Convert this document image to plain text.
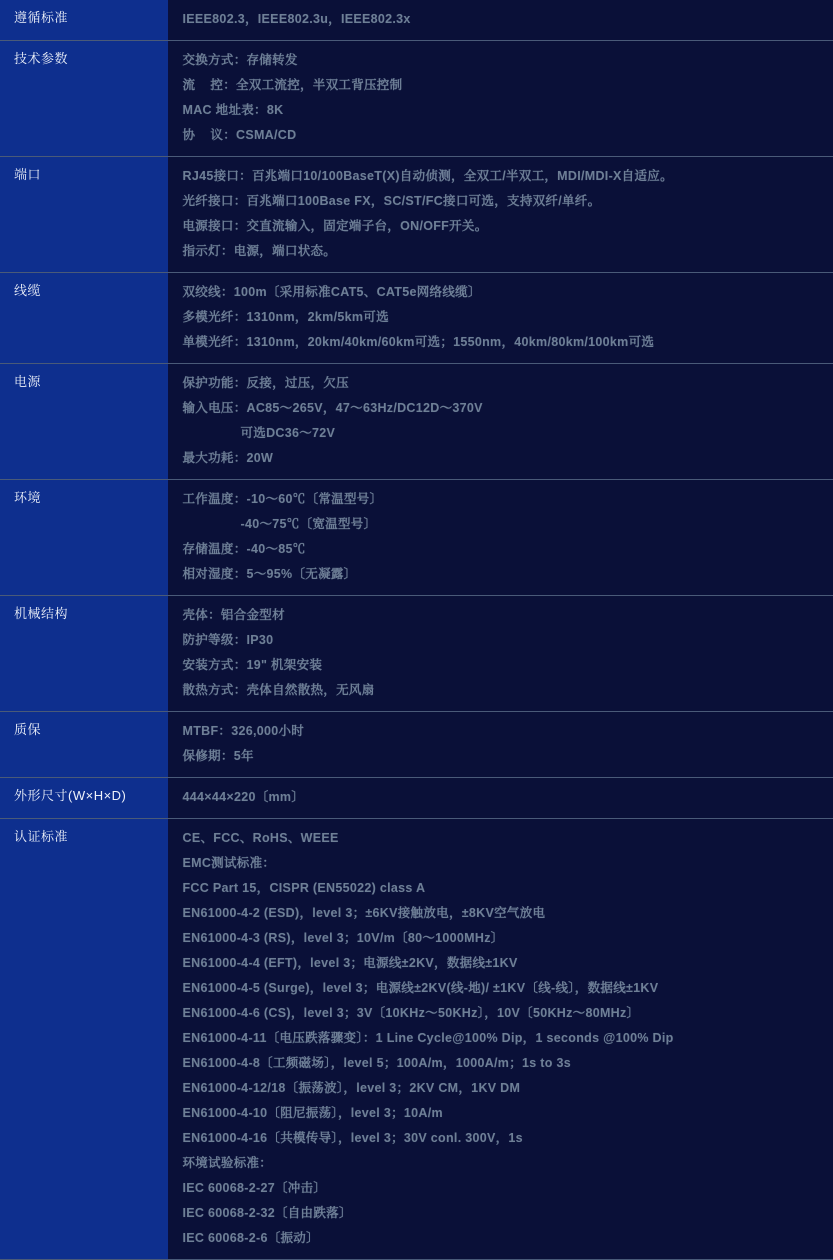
遵循标准	IEEE802.3，IEEE802.3u，IEEE802.3x

技术参数	交换方式：存储转发
流    控：全双工流控，半双工背压控制
MAC 地址表：8K
协    议：CSMA/CD

端口	RJ45接口：百兆端口10/100BaseT(X)自动侦测，全双工/半双工，MDI/MDI-X自适应。
光纤接口：百兆端口100Base FX，SC/ST/FC接口可选，支持双纤/单纤。
电源接口：交直流输入，固定端子台，ON/OFF开关。
指示灯：电源，端口状态。

线缆	双绞线：100m〔采用标准CAT5、CAT5e网络线缆〕
多模光纤：1310nm，2km/5km可选
单模光纤：1310nm，20km/40km/60km可选；1550nm，40km/80km/100km可选

电源	保护功能：反接，过压，欠压
输入电压：AC85～265V，47～63Hz/DC12D～370V
可选DC36～72V
最大功耗：20W

环境	工作温度：-10～60℃〔常温型号〕
-40～75℃〔宽温型号〕
存储温度：-40～85℃
相对湿度：5～95%〔无凝露〕

机械结构	壳体：铝合金型材
防护等级：IP30
安装方式：19" 机架安装
散热方式：壳体自然散热，无风扇

质保	MTBF：326,000小时
保修期：5年

外形尺寸(W×H×D)	444×44×220〔mm〕

认证标准	CE、FCC、RoHS、WEEE
EMC测试标准：
FCC Part 15，CISPR (EN55022) class A
EN61000-4-2 (ESD)，level 3；±6KV接触放电，±8KV空气放电
EN61000-4-3 (RS)，level 3；10V/m〔80～1000MHz〕
EN61000-4-4 (EFT)，level 3；电源线±2KV，数据线±1KV
EN61000-4-5 (Surge)，level 3；电源线±2KV(线-地)/ ±1KV〔线-线〕，数据线±1KV
EN61000-4-6 (CS)，level 3；3V〔10KHz～50KHz〕，10V〔50KHz～80MHz〕
EN61000-4-11〔电压跌落骤变〕：1 Line Cycle@100% Dip，1 seconds @100% Dip
EN61000-4-8〔工频磁场〕，level 5；100A/m，1000A/m；1s to 3s
EN61000-4-12/18〔振荡波〕，level 3；2KV CM，1KV DM
EN61000-4-10〔阻尼振荡〕，level 3；10A/m
EN61000-4-16〔共模传导〕，level 3；30V conl. 300V，1s
环境试验标准：
IEC 60068-2-27〔冲击〕
IEC 60068-2-32〔自由跌落〕
IEC 60068-2-6〔振动〕
